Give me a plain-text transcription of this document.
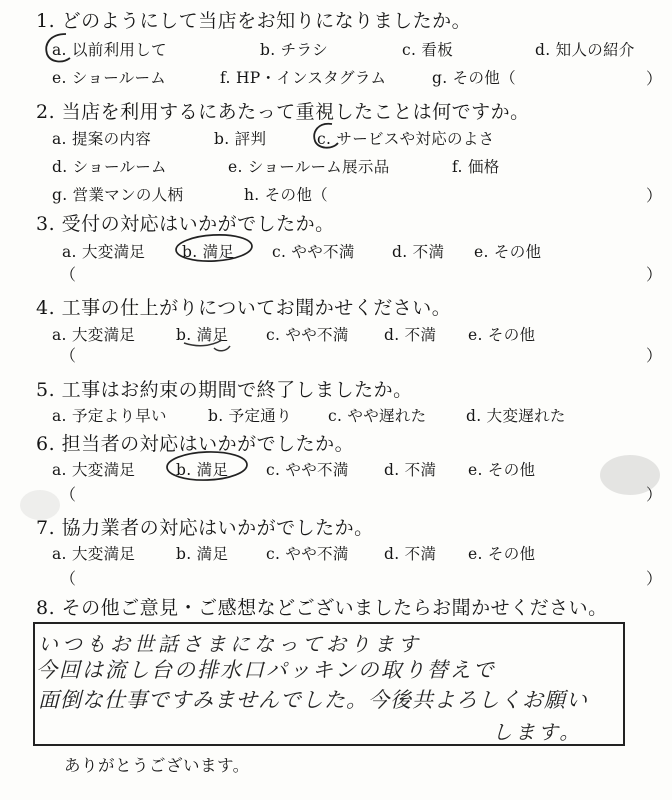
1. どのようにして当店をお知りになりましたか。
a. 以前利用して	b. チラシ	c. 看板	d. 知人の紹介
e. ショールーム	f. HP・インスタグラム	g. その他（	）
2. 当店を利用するにあたって重視したことは何ですか。
a. 提案の内容	b. 評判	c. サービスや対応のよさ
d. ショールーム	e. ショールーム展示品	f. 価格
g. 営業マンの人柄	h. その他（	）
3. 受付の対応はいかがでしたか。
a. 大変満足 b. 満足 c. やや不満 d. 不満 e. その他
（	）
4. 工事の仕上がりについてお聞かせください。
a. 大変満足	b. 満足 c. やや不満 d. 不満 e. その他
（	）
5. 工事はお約束の期間で終了しましたか。
a. 予定より早い	b. 予定通り c. やや遅れた	d. 大変遅れた
6. 担当者の対応はいかがでしたか。
a. 大変満足	b. 満足 c. やや不満 d. 不満 e. その他
（	）
7. 協力業者の対応はいかがでしたか。
a. 大変満足	b. 満足 c. やや不満 d. 不満 e. その他
（	）
8. その他ご意見・ご感想などございましたらお聞かせください。
いつもお世話さまになっております
今回は流し台の排水口パッキンの取り替えで
面倒な仕事ですみませんでした。今後共よろしくお願い
します。
ありがとうございます。
